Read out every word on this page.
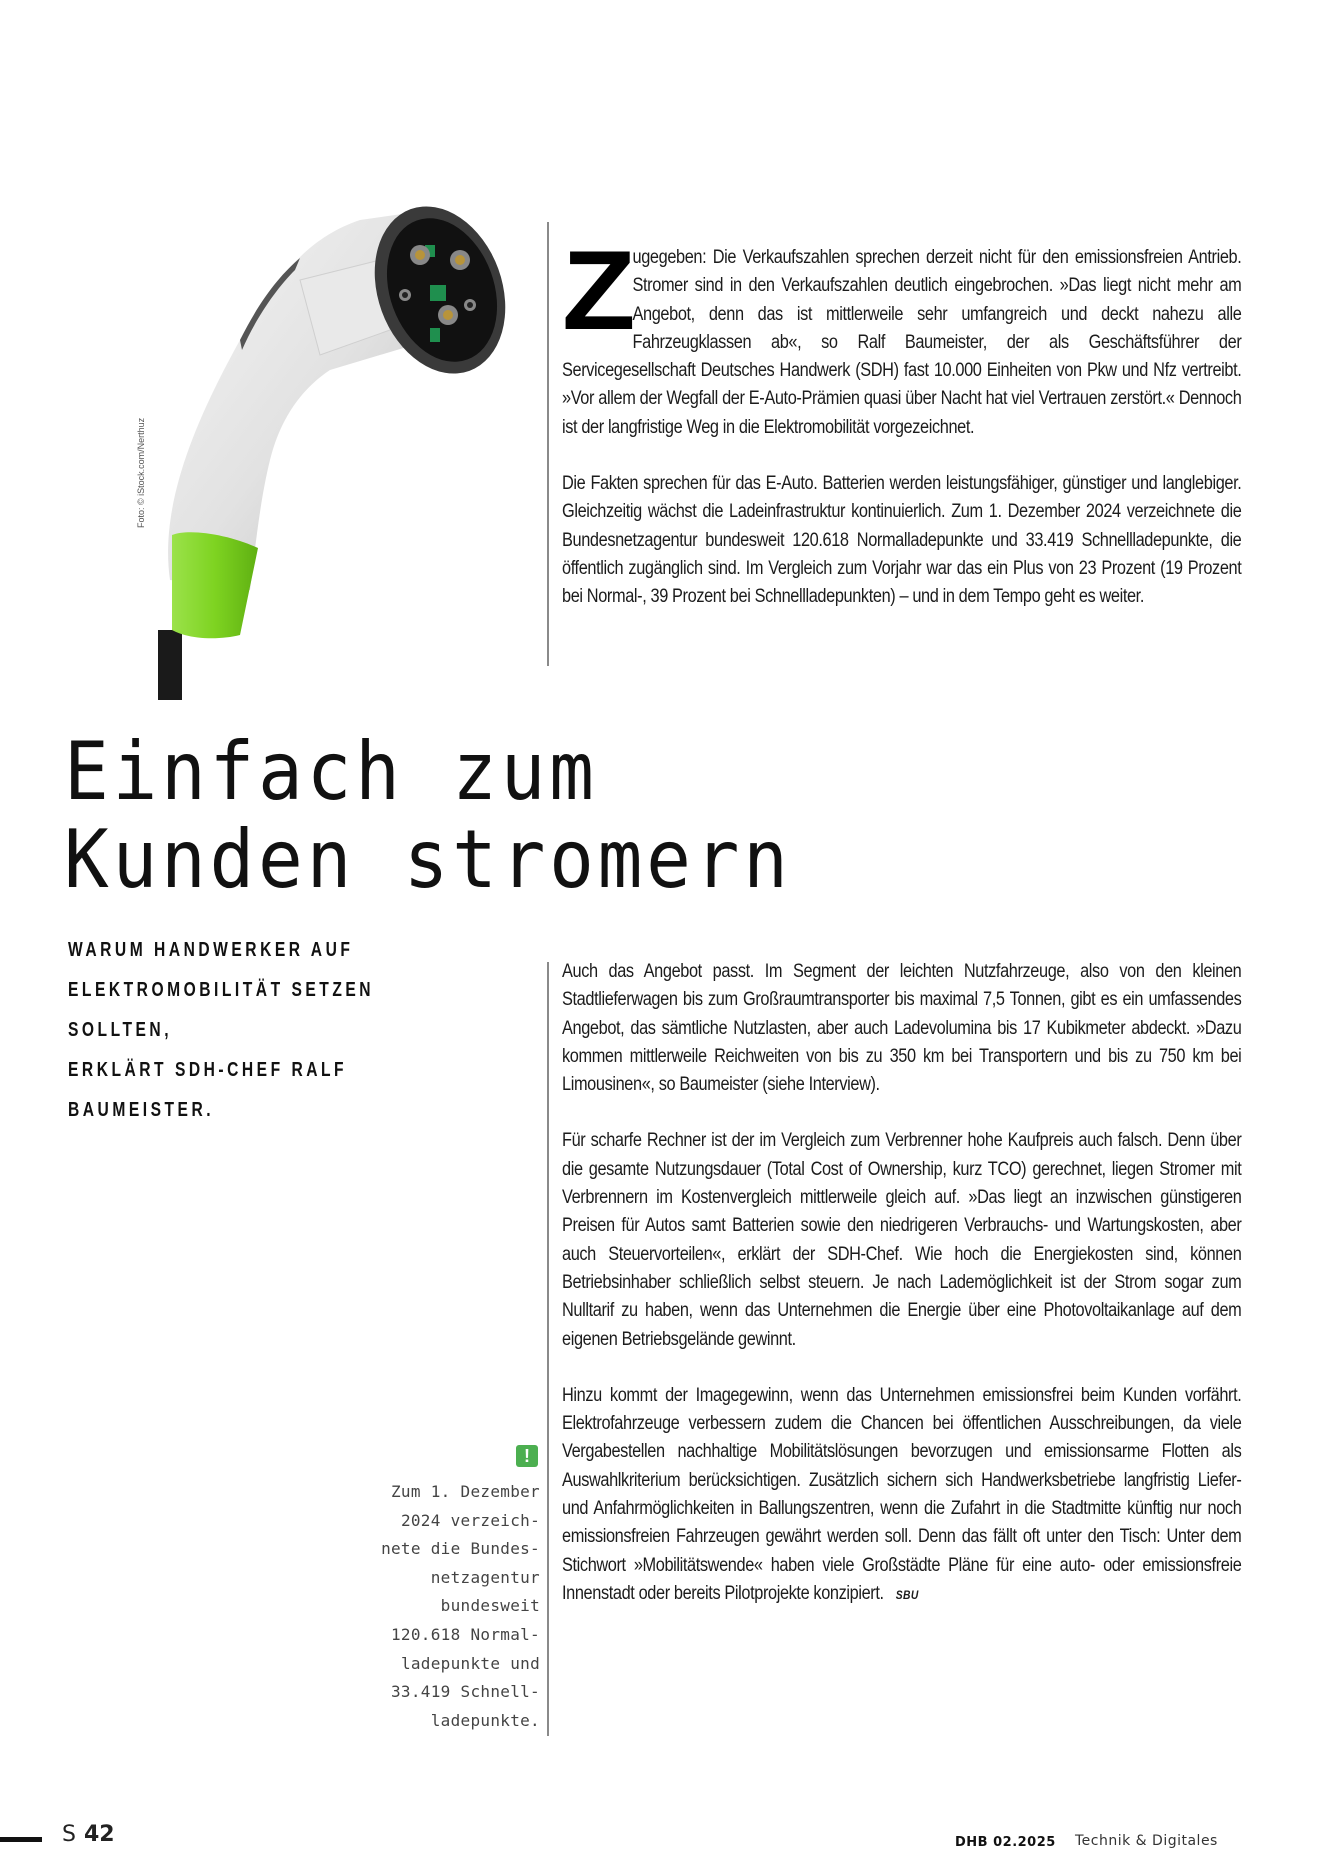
Foto: © iStock.com/Nerthuz
Z

ugegeben: Die Verkaufszahlen sprechen derzeit nicht für den emissionsfreien Antrieb. Stromer sind in den Verkaufszahlen deutlich eingebrochen. »Das liegt nicht mehr am Angebot, denn das ist mittlerweile sehr umfangreich und deckt nahezu alle Fahrzeugklassen ab«, so Ralf Baumeister, der als Geschäftsführer der Servicegesellschaft Deutsches Handwerk (SDH) fast 10.000 Einheiten von Pkw und Nfz vertreibt. »Vor allem der Wegfall der E-Auto-Prämien quasi über Nacht hat viel Vertrauen zerstört.« Dennoch ist der langfristige Weg in die Elektromobilität vorgezeichnet.

Die Fakten sprechen für das E-Auto. Batterien werden leistungsfähiger, günstiger und langlebiger. Gleichzeitig wächst die Ladeinfrastruktur kontinuierlich. Zum 1. Dezember 2024 verzeichnete die Bundesnetzagentur bundesweit 120.618 Normalladepunkte und 33.419 Schnellladepunkte, die öffentlich zugänglich sind. Im Vergleich zum Vorjahr war das ein Plus von 23 Prozent (19 Prozent bei Normal-, 39 Prozent bei Schnellladepunkten) – und in dem Tempo geht es weiter.

Einfach zum
Kunden stromern
WARUM HANDWERKER AUF
ELEKTROMOBILITÄT SETZEN SOLLTEN,
ERKLÄRT SDH-CHEF RALF BAUMEISTER.

Auch das Angebot passt. Im Segment der leichten Nutzfahrzeuge, also von den kleinen Stadtlieferwagen bis zum Großraumtransporter bis maximal 7,5 Tonnen, gibt es ein umfassendes Angebot, das sämtliche Nutzlasten, aber auch Ladevolumina bis 17 Kubikmeter abdeckt. »Dazu kommen mittlerweile Reichweiten von bis zu 350 km bei Transportern und bis zu 750 km bei Limousinen«, so Baumeister (siehe Interview).

Für scharfe Rechner ist der im Vergleich zum Verbrenner hohe Kaufpreis auch falsch. Denn über die gesamte Nutzungsdauer (Total Cost of Ownership, kurz TCO) gerechnet, liegen Stromer mit Verbrennern im Kostenvergleich mittlerweile gleich auf. »Das liegt an inzwischen günstigeren Preisen für Autos samt Batterien sowie den niedrigeren Verbrauchs- und Wartungskosten, aber auch Steuervorteilen«, erklärt der SDH-Chef. Wie hoch die Energiekosten sind, können Betriebsinhaber schließlich selbst steuern. Je nach Lademöglichkeit ist der Strom sogar zum Nulltarif zu haben, wenn das Unternehmen die Energie über eine Photovoltaikanlage auf dem eigenen Betriebsgelände gewinnt.

Hinzu kommt der Imagegewinn, wenn das Unternehmen emissionsfrei beim Kunden vorfährt. Elektrofahrzeuge verbessern zudem die Chancen bei öffentlichen Ausschreibungen, da viele Vergabestellen nachhaltige Mobilitätslösungen bevorzugen und emissionsarme Flotten als Auswahlkriterium berücksichtigen. Zusätzlich sichern sich Handwerksbetriebe langfristig Liefer- und Anfahrmöglichkeiten in Ballungszentren, wenn die Zufahrt in die Stadtmitte künftig nur noch emissionsfreien Fahrzeugen gewährt werden soll. Denn das fällt oft unter den Tisch: Unter dem Stichwort »Mobilitätswende« haben viele Großstädte Pläne für eine auto- oder emissionsfreie Innenstadt oder bereits Pilotprojekte konzipiert. SBU

!
Zum 1. Dezember
2024 verzeich-
nete die Bundes-
netzagentur
bundesweit
120.618 Normal-
ladepunkte und
33.419 Schnell-
ladepunkte.
S 42	DHB 02.2025 Technik & Digitales
